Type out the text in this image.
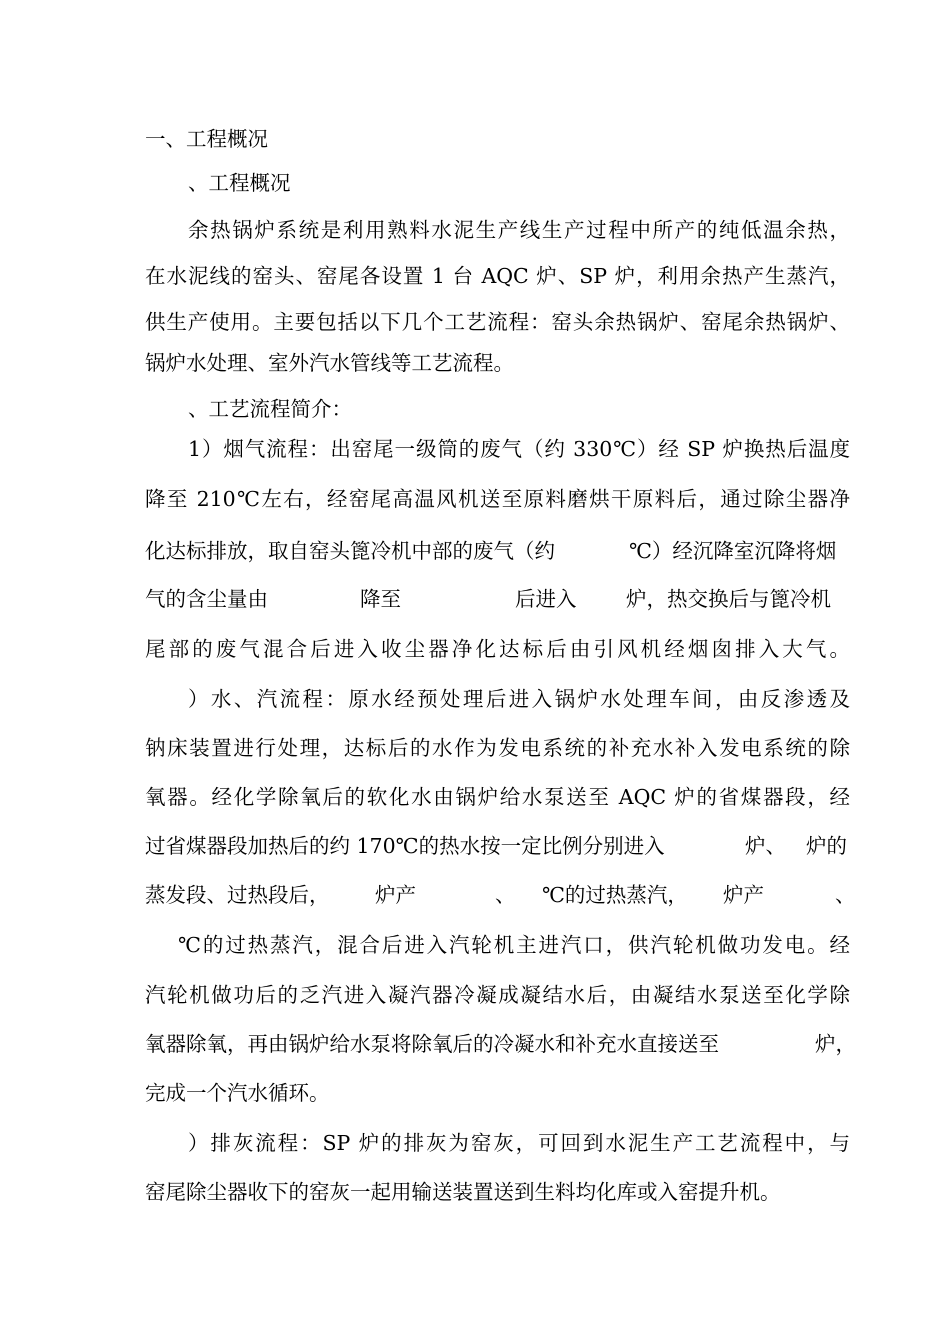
一、工程概况
、工程概况
余热锅炉系统是利用熟料水泥生产线生产过程中所产的纯低温余热，
在水泥线的窑头、窑尾各设置 1 台 AQC 炉、SP 炉，利用余热产生蒸汽，
供生产使用。主要包括以下几个工艺流程：窑头余热锅炉、窑尾余热锅炉、
锅炉水处理、室外汽水管线等工艺流程。
、工艺流程简介：
1）烟气流程：出窑尾一级筒的废气（约 330℃）经 SP 炉换热后温度
降至 210℃左右，经窑尾高温风机送至原料磨烘干原料后，通过除尘器净
化达标排放，取自窑头篦冷机中部的废气（约	℃）经沉降室沉降将烟
气的含尘量由	降至	后进入 炉，热交换后与篦冷机
尾部的废气混合后进入收尘器净化达标后由引风机经烟囱排入大气。
）水、汽流程：原水经预处理后进入锅炉水处理车间，由反渗透及
钠床装置进行处理，达标后的水作为发电系统的补充水补入发电系统的除
氧器。经化学除氧后的软化水由锅炉给水泵送至 AQC 炉的省煤器段，经
过省煤器段加热后的约 170℃的热水按一定比例分别进入	炉、 炉的
蒸发段、过热段后， 炉产	、 ℃的过热蒸汽， 炉产	、
℃的过热蒸汽，混合后进入汽轮机主进汽口，供汽轮机做功发电。经
汽轮机做功后的乏汽进入凝汽器冷凝成凝结水后，由凝结水泵送至化学除
氧器除氧，再由锅炉给水泵将除氧后的冷凝水和补充水直接送至	炉，
完成一个汽水循环。
）排灰流程：SP 炉的排灰为窑灰，可回到水泥生产工艺流程中，与
窑尾除尘器收下的窑灰一起用输送装置送到生料均化库或入窑提升机。
